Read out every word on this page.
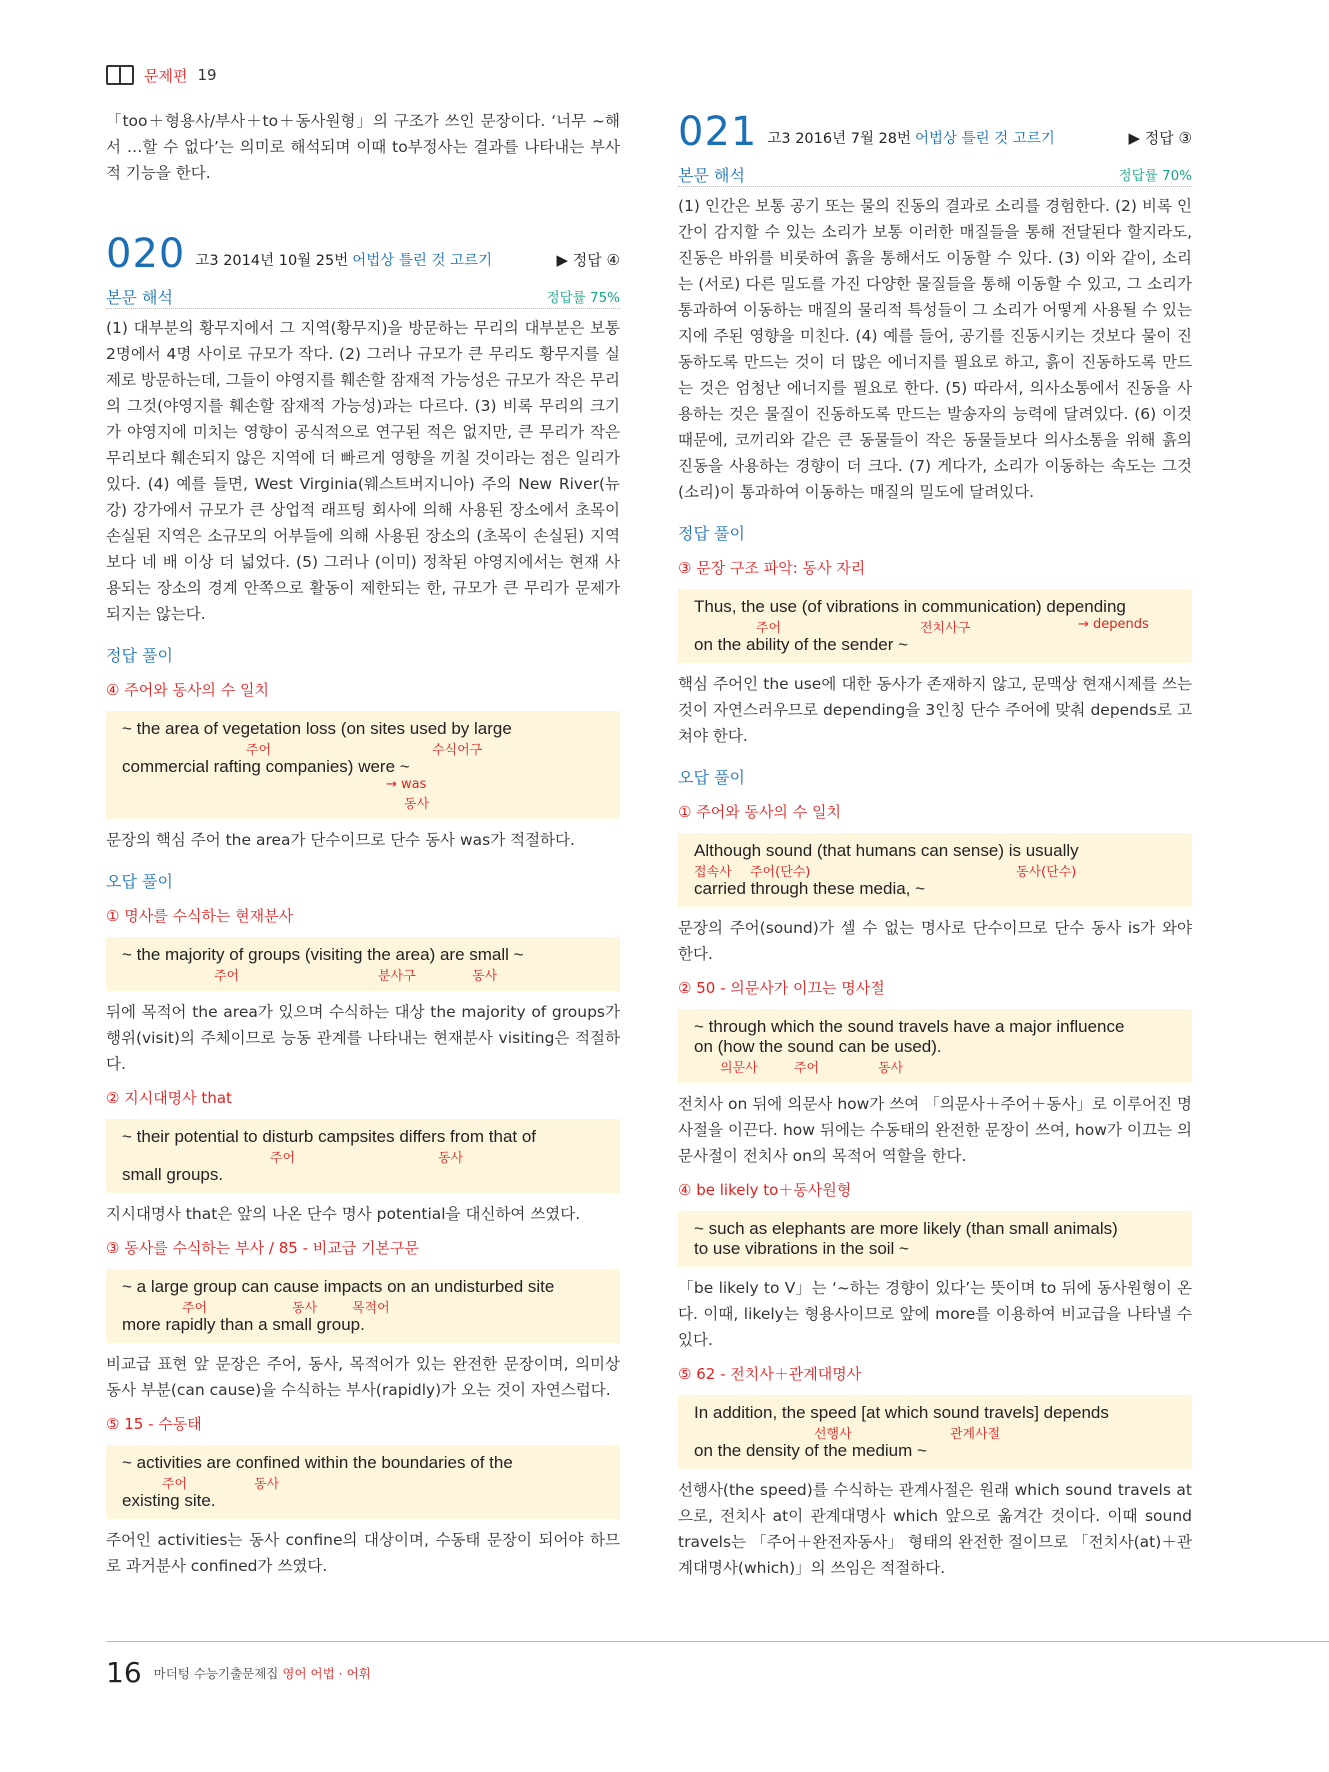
문제편 19

「too＋형용사/부사＋to＋동사원형」의 구조가 쓰인 문장이다. ‘너무 ~해서 …할 수 없다’는 의미로 해석되며 이때 to부정사는 결과를 나타내는 부사적 기능을 한다.

020 고3 2014년 10월 25번 어법상 틀린 것 고르기	▶ 정답 ④
본문 해석	정답률 75%

(1) 대부분의 황무지에서 그 지역(황무지)을 방문하는 무리의 대부분은 보통 2명에서 4명 사이로 규모가 작다. (2) 그러나 규모가 큰 무리도 황무지를 실제로 방문하는데, 그들이 야영지를 훼손할 잠재적 가능성은 규모가 작은 무리의 그것(야영지를 훼손할 잠재적 가능성)과는 다르다. (3) 비록 무리의 크기가 야영지에 미치는 영향이 공식적으로 연구된 적은 없지만, 큰 무리가 작은 무리보다 훼손되지 않은 지역에 더 빠르게 영향을 끼칠 것이라는 점은 일리가 있다. (4) 예를 들면, West Virginia(웨스트버지니아) 주의 New River(뉴강) 강가에서 규모가 큰 상업적 래프팅 회사에 의해 사용된 장소에서 초목이 손실된 지역은 소규모의 어부들에 의해 사용된 장소의 (초목이 손실된) 지역보다 네 배 이상 더 넓었다. (5) 그러나 (이미) 정착된 야영지에서는 현재 사용되는 장소의 경계 안쪽으로 활동이 제한되는 한, 규모가 큰 무리가 문제가 되지는 않는다.

정답 풀이
④ 주어와 동사의 수 일치
~ the area of vegetation loss (on sites used by large
주어	수식어구
commercial rafting companies) were ~
→ was
동사

문장의 핵심 주어 the area가 단수이므로 단수 동사 was가 적절하다.

오답 풀이
① 명사를 수식하는 현재분사
~ the majority of groups (visiting the area) are small ~
주어	분사구	동사

뒤에 목적어 the area가 있으며 수식하는 대상 the majority of groups가 행위(visit)의 주체이므로 능동 관계를 나타내는 현재분사 visiting은 적절하다.

② 지시대명사 that
~ their potential to disturb campsites differs from that of
주어	동사
small groups.

지시대명사 that은 앞의 나온 단수 명사 potential을 대신하여 쓰였다.

③ 동사를 수식하는 부사 / 85 - 비교급 기본구문
~ a large group can cause impacts on an undisturbed site
주어	동사	목적어
more rapidly than a small group.

비교급 표현 앞 문장은 주어, 동사, 목적어가 있는 완전한 문장이며, 의미상 동사 부분(can cause)을 수식하는 부사(rapidly)가 오는 것이 자연스럽다.

⑤ 15 - 수동태
~ activities are confined within the boundaries of the
주어	동사
existing site.

주어인 activities는 동사 confine의 대상이며, 수동태 문장이 되어야 하므로 과거분사 confined가 쓰였다.

021 고3 2016년 7월 28번 어법상 틀린 것 고르기	▶ 정답 ③
본문 해석	정답률 70%

(1) 인간은 보통 공기 또는 물의 진동의 결과로 소리를 경험한다. (2) 비록 인간이 감지할 수 있는 소리가 보통 이러한 매질들을 통해 전달된다 할지라도, 진동은 바위를 비롯하여 흙을 통해서도 이동할 수 있다. (3) 이와 같이, 소리는 (서로) 다른 밀도를 가진 다양한 물질들을 통해 이동할 수 있고, 그 소리가 통과하여 이동하는 매질의 물리적 특성들이 그 소리가 어떻게 사용될 수 있는지에 주된 영향을 미친다. (4) 예를 들어, 공기를 진동시키는 것보다 물이 진동하도록 만드는 것이 더 많은 에너지를 필요로 하고, 흙이 진동하도록 만드는 것은 엄청난 에너지를 필요로 한다. (5) 따라서, 의사소통에서 진동을 사용하는 것은 물질이 진동하도록 만드는 발송자의 능력에 달려있다. (6) 이것 때문에, 코끼리와 같은 큰 동물들이 작은 동물들보다 의사소통을 위해 흙의 진동을 사용하는 경향이 더 크다. (7) 게다가, 소리가 이동하는 속도는 그것(소리)이 통과하여 이동하는 매질의 밀도에 달려있다.

정답 풀이
③ 문장 구조 파악: 동사 자리
Thus, the use (of vibrations in communication) depending
주어	전치사구	→ depends
on the ability of the sender ~

핵심 주어인 the use에 대한 동사가 존재하지 않고, 문맥상 현재시제를 쓰는 것이 자연스러우므로 depending을 3인칭 단수 주어에 맞춰 depends로 고쳐야 한다.

오답 풀이
① 주어와 동사의 수 일치
Although sound (that humans can sense) is usually
접속사 주어(단수)	동사(단수)
carried through these media, ~

문장의 주어(sound)가 셀 수 없는 명사로 단수이므로 단수 동사 is가 와야 한다.

② 50 - 의문사가 이끄는 명사절
~ through which the sound travels have a major influence
on (how the sound can be used).
의문사	주어	동사

전치사 on 뒤에 의문사 how가 쓰여 「의문사＋주어＋동사」로 이루어진 명사절을 이끈다. how 뒤에는 수동태의 완전한 문장이 쓰여, how가 이끄는 의문사절이 전치사 on의 목적어 역할을 한다.

④ be likely to＋동사원형
~ such as elephants are more likely (than small animals)
to use vibrations in the soil ~

「be likely to V」는 ‘~하는 경향이 있다’는 뜻이며 to 뒤에 동사원형이 온다. 이때, likely는 형용사이므로 앞에 more를 이용하여 비교급을 나타낼 수 있다.

⑤ 62 - 전치사＋관계대명사
In addition, the speed [at which sound travels] depends
선행사	관계사절
on the density of the medium ~

선행사(the speed)를 수식하는 관계사절은 원래 which sound travels at으로, 전치사 at이 관계대명사 which 앞으로 옮겨간 것이다. 이때 sound travels는 「주어＋완전자동사」 형태의 완전한 절이므로 「전치사(at)＋관계대명사(which)」의 쓰임은 적절하다.

16 마더텅 수능기출문제집 영어 어법 · 어휘
